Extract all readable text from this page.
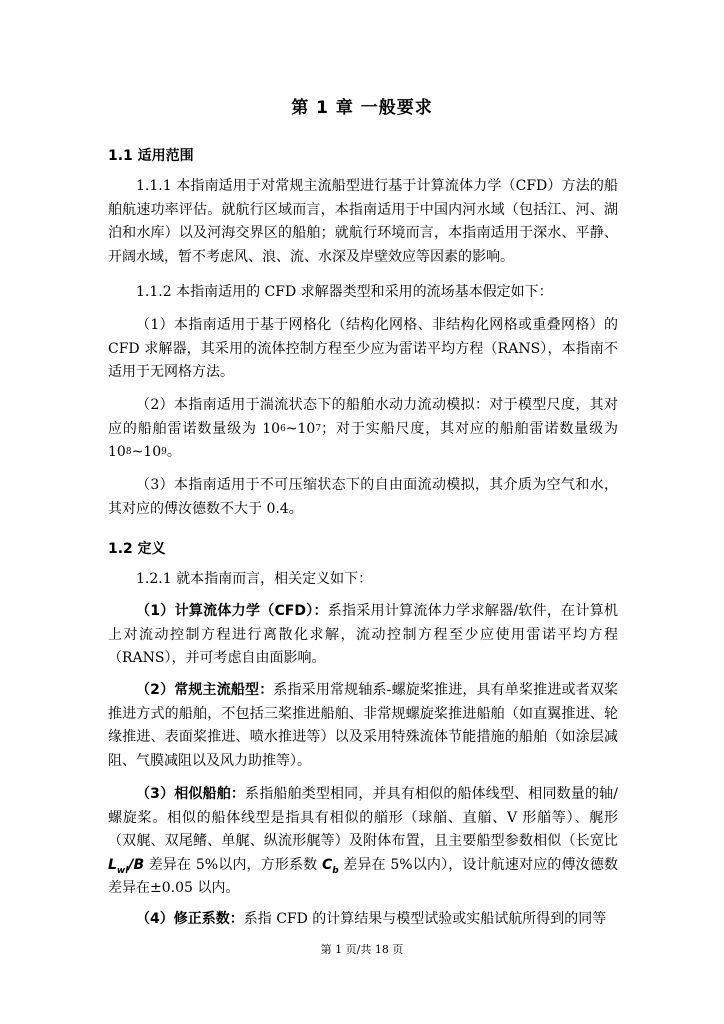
第 1 章 一般要求
1.1 适用范围
1.1.1 本指南适用于对常规主流船型进行基于计算流体力学（CFD）方法的船舶航速功率评估。就航行区域而言，本指南适用于中国内河水域（包括江、河、湖泊和水库）以及河海交界区的船舶；就航行环境而言，本指南适用于深水、平静、开阔水域，暂不考虑风、浪、流、水深及岸壁效应等因素的影响。
1.1.2 本指南适用的 CFD 求解器类型和采用的流场基本假定如下：
（1）本指南适用于基于网格化（结构化网格、非结构化网格或重叠网格）的 CFD 求解器，其采用的流体控制方程至少应为雷诺平均方程（RANS），本指南不适用于无网格方法。
（2）本指南适用于湍流状态下的船舶水动力流动模拟：对于模型尺度，其对应的船舶雷诺数量级为 $10^6\sim 10^7$；对于实船尺度，其对应的船舶雷诺数量级为 $10^8\sim 10^9$。
（3）本指南适用于不可压缩状态下的自由面流动模拟，其介质为空气和水，其对应的傅汝德数不大于 0.4。
1.2 定义
1.2.1 就本指南而言，相关定义如下：
（1）计算流体力学（CFD）：系指采用计算流体力学求解器/软件，在计算机上对流动控制方程进行离散化求解，流动控制方程至少应使用雷诺平均方程（RANS），并可考虑自由面影响。
（2）常规主流船型：系指采用常规轴系-螺旋桨推进，具有单桨推进或者双桨推进方式的船舶，不包括三桨推进船舶、非常规螺旋桨推进船舶（如直翼推进、轮缘推进、表面桨推进、喷水推进等）以及采用特殊流体节能措施的船舶（如涂层减阻、气膜减阻以及风力助推等）。
（3）相似船舶：系指船舶类型相同，并具有相似的船体线型、相同数量的轴/螺旋桨。相似的船体线型是指具有相似的艏形（球艏、直艏、V 形艏等）、艉形（双艉、双尾鳍、单艉、纵流形艉等）及附体布置，且主要船型参数相似（长宽比 $L_{wl}/B$ 差异在 5%以内，方形系数 $C_b$ 差异在 5%以内），设计航速对应的傅汝德数差异在±0.05 以内。
（4）修正系数：系指 CFD 的计算结果与模型试验或实船试航所得到的同等
第 1 页/共 18 页
